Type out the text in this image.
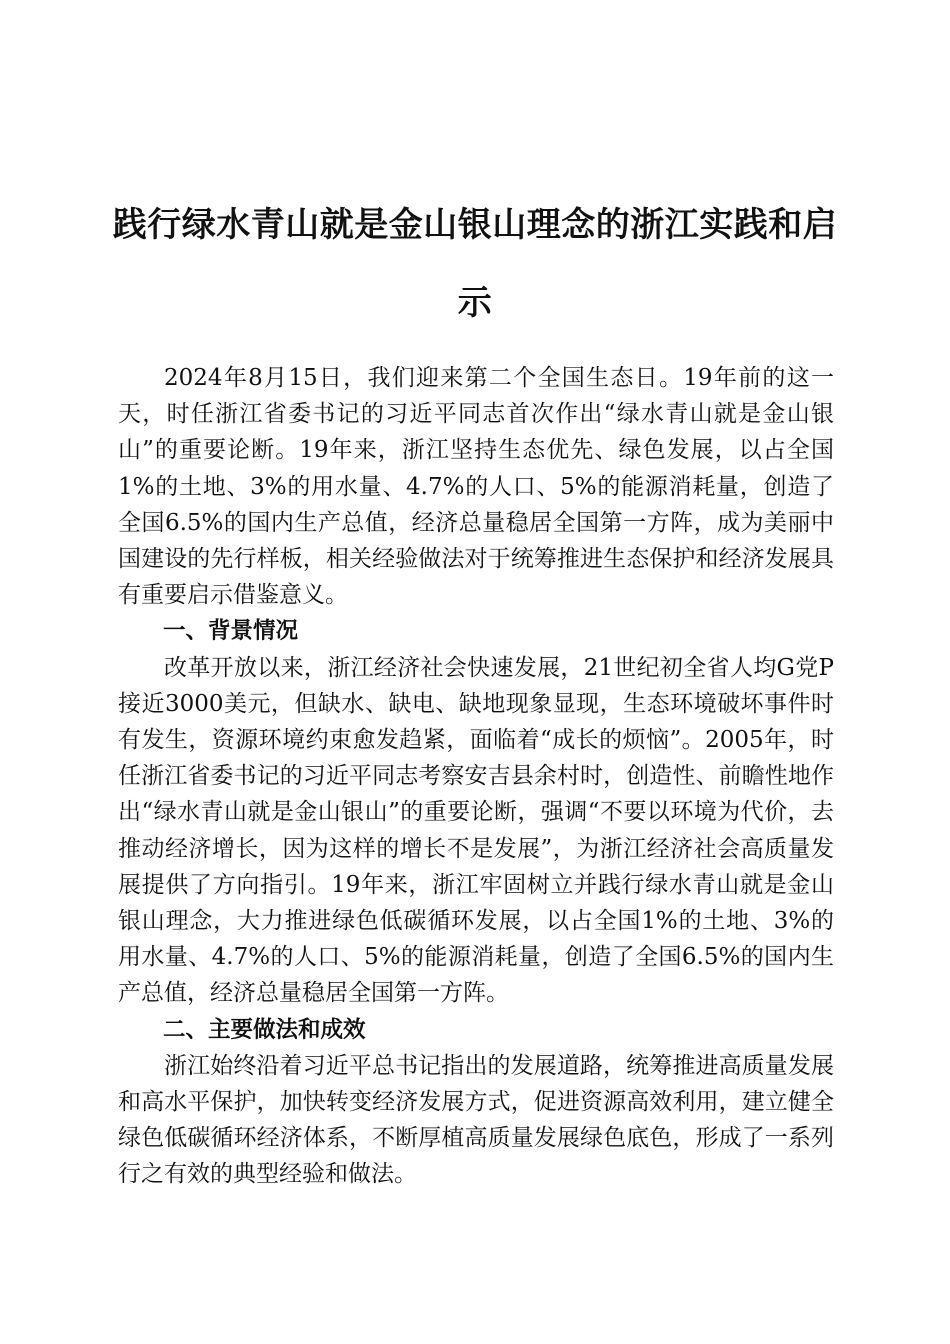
践行绿水青山就是金山银山理念的浙江实践和启示

2024年8月15日，我们迎来第二个全国生态日。19年前的这一天，时任浙江省委书记的习近平同志首次作出“绿水青山就是金山银山”的重要论断。19年来，浙江坚持生态优先、绿色发展，以占全国1%的土地、3%的用水量、4.7%的人口、5%的能源消耗量，创造了全国6.5%的国内生产总值，经济总量稳居全国第一方阵，成为美丽中国建设的先行样板，相关经验做法对于统筹推进生态保护和经济发展具有重要启示借鉴意义。

一、背景情况

改革开放以来，浙江经济社会快速发展，21世纪初全省人均G党P接近3000美元，但缺水、缺电、缺地现象显现，生态环境破坏事件时有发生，资源环境约束愈发趋紧，面临着“成长的烦恼”。2005年，时任浙江省委书记的习近平同志考察安吉县余村时，创造性、前瞻性地作出“绿水青山就是金山银山”的重要论断，强调“不要以环境为代价，去推动经济增长，因为这样的增长不是发展”，为浙江经济社会高质量发展提供了方向指引。19年来，浙江牢固树立并践行绿水青山就是金山银山理念，大力推进绿色低碳循环发展，以占全国1%的土地、3%的用水量、4.7%的人口、5%的能源消耗量，创造了全国6.5%的国内生产总值，经济总量稳居全国第一方阵。

二、主要做法和成效

浙江始终沿着习近平总书记指出的发展道路，统筹推进高质量发展和高水平保护，加快转变经济发展方式，促进资源高效利用，建立健全绿色低碳循环经济体系，不断厚植高质量发展绿色底色，形成了一系列行之有效的典型经验和做法。
